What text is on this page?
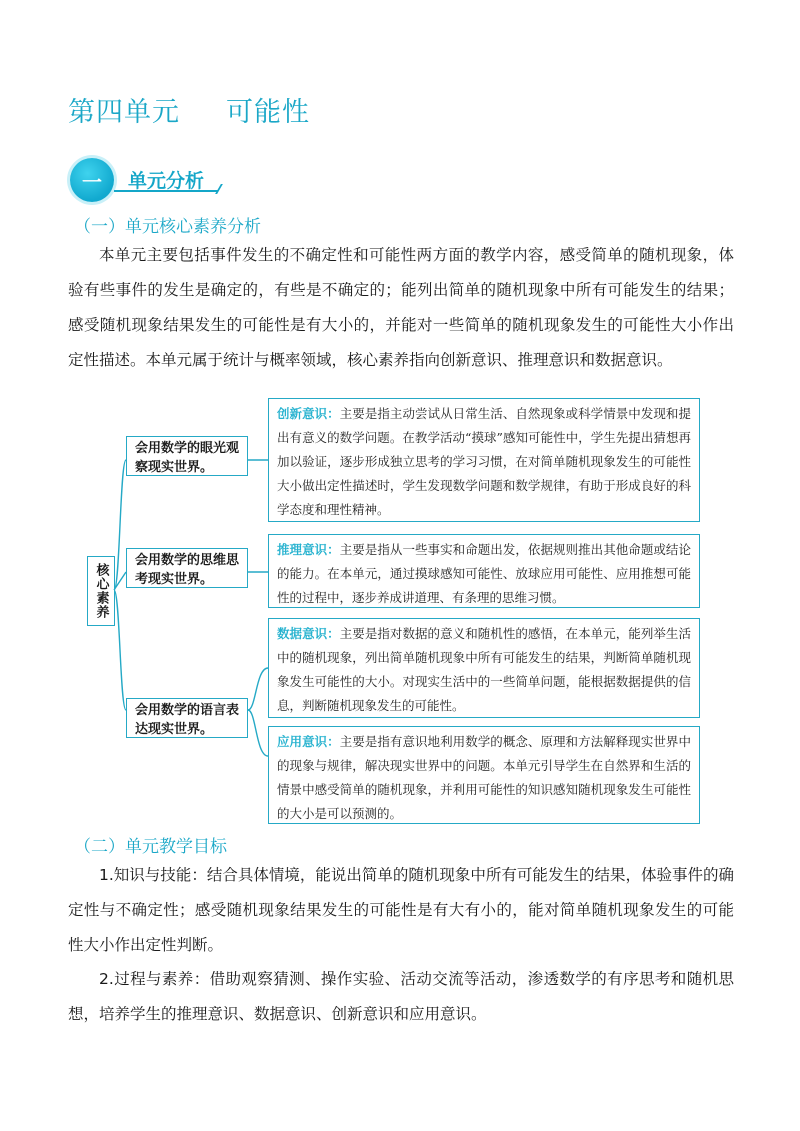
第四单元 可能性
一 单元分析
（一）单元核心素养分析
本单元主要包括事件发生的不确定性和可能性两方面的教学内容，感受简单的随机现象，体验有些事件的发生是确定的，有些是不确定的；能列出简单的随机现象中所有可能发生的结果；感受随机现象结果发生的可能性是有大小的，并能对一些简单的随机现象发生的可能性大小作出定性描述。本单元属于统计与概率领域，核心素养指向创新意识、推理意识和数据意识。
核心素养
会用数学的眼光观察现实世界。
会用数学的思维思考现实世界。
会用数学的语言表达现实世界。
创新意识：主要是指主动尝试从日常生活、自然现象或科学情景中发现和提出有意义的数学问题。在教学活动“摸球”感知可能性中，学生先提出猜想再加以验证，逐步形成独立思考的学习习惯，在对简单随机现象发生的可能性大小做出定性描述时，学生发现数学问题和数学规律，有助于形成良好的科学态度和理性精神。
推理意识：主要是指从一些事实和命题出发，依据规则推出其他命题或结论的能力。在本单元，通过摸球感知可能性、放球应用可能性、应用推想可能性的过程中，逐步养成讲道理、有条理的思维习惯。
数据意识：主要是指对数据的意义和随机性的感悟，在本单元，能列举生活中的随机现象，列出简单随机现象中所有可能发生的结果，判断简单随机现象发生可能性的大小。对现实生活中的一些简单问题，能根据数据提供的信息，判断随机现象发生的可能性。
应用意识：主要是指有意识地利用数学的概念、原理和方法解释现实世界中的现象与规律，解决现实世界中的问题。本单元引导学生在自然界和生活的情景中感受简单的随机现象，并利用可能性的知识感知随机现象发生可能性的大小是可以预测的。
（二）单元教学目标
1.知识与技能：结合具体情境，能说出简单的随机现象中所有可能发生的结果，体验事件的确定性与不确定性；感受随机现象结果发生的可能性是有大有小的，能对简单随机现象发生的可能性大小作出定性判断。
2.过程与素养：借助观察猜测、操作实验、活动交流等活动，渗透数学的有序思考和随机思想，培养学生的推理意识、数据意识、创新意识和应用意识。
